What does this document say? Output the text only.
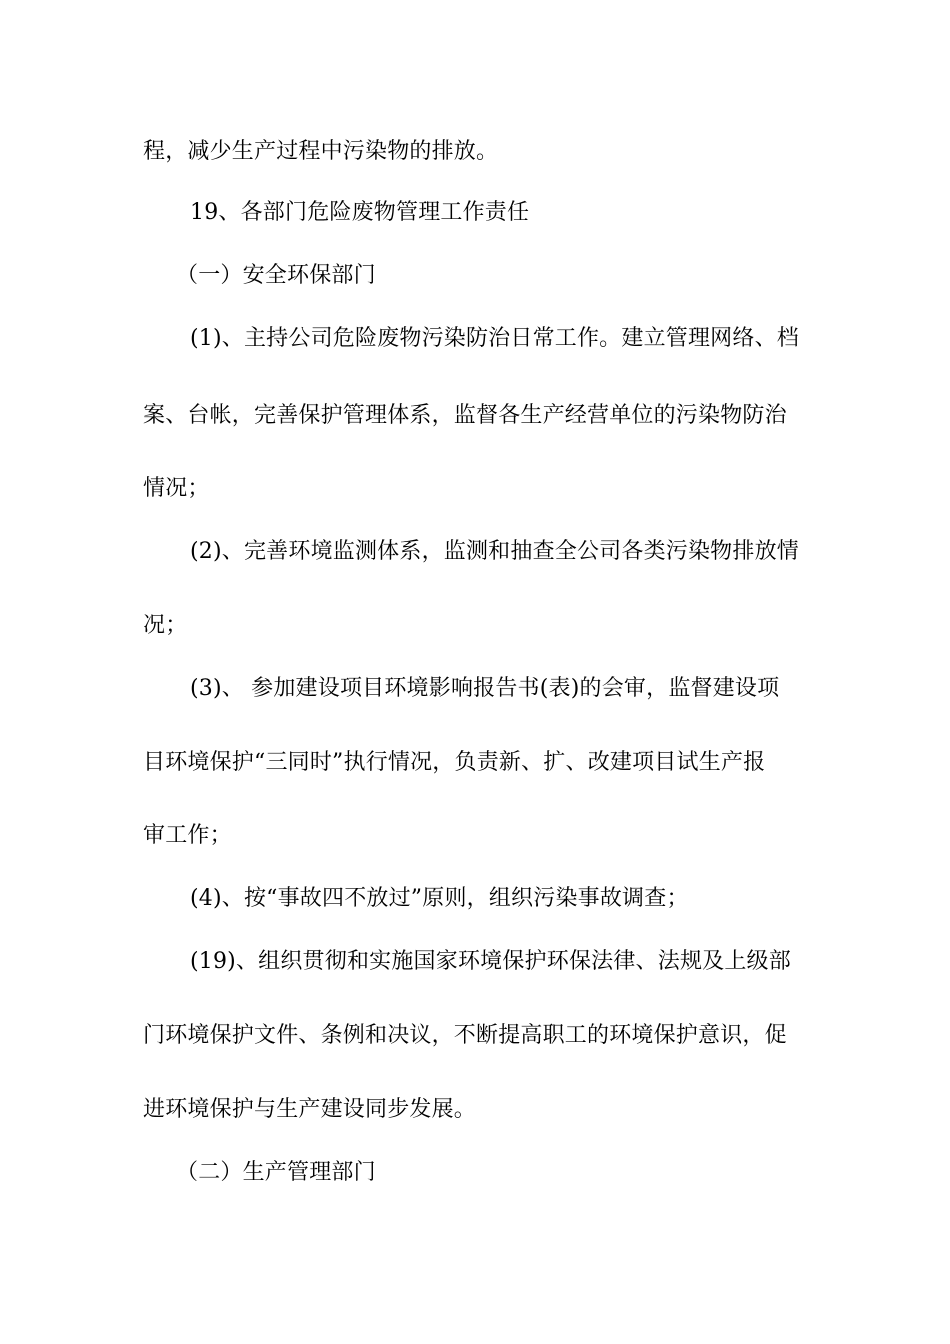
程，减少生产过程中污染物的排放。
19、各部门危险废物管理工作责任
（一）安全环保部门
(1)、主持公司危险废物污染防治日常工作。建立管理网络、档
案、台帐，完善保护管理体系，监督各生产经营单位的污染物防治
情况；
(2)、完善环境监测体系，监测和抽查全公司各类污染物排放情
况；
(3)、 参加建设项目环境影响报告书(表)的会审，监督建设项
目环境保护“三同时”执行情况，负责新、扩、改建项目试生产报
审工作；
(4)、按“事故四不放过”原则，组织污染事故调查；
(19)、组织贯彻和实施国家环境保护环保法律、法规及上级部
门环境保护文件、条例和决议，不断提高职工的环境保护意识，促
进环境保护与生产建设同步发展。
（二）生产管理部门
